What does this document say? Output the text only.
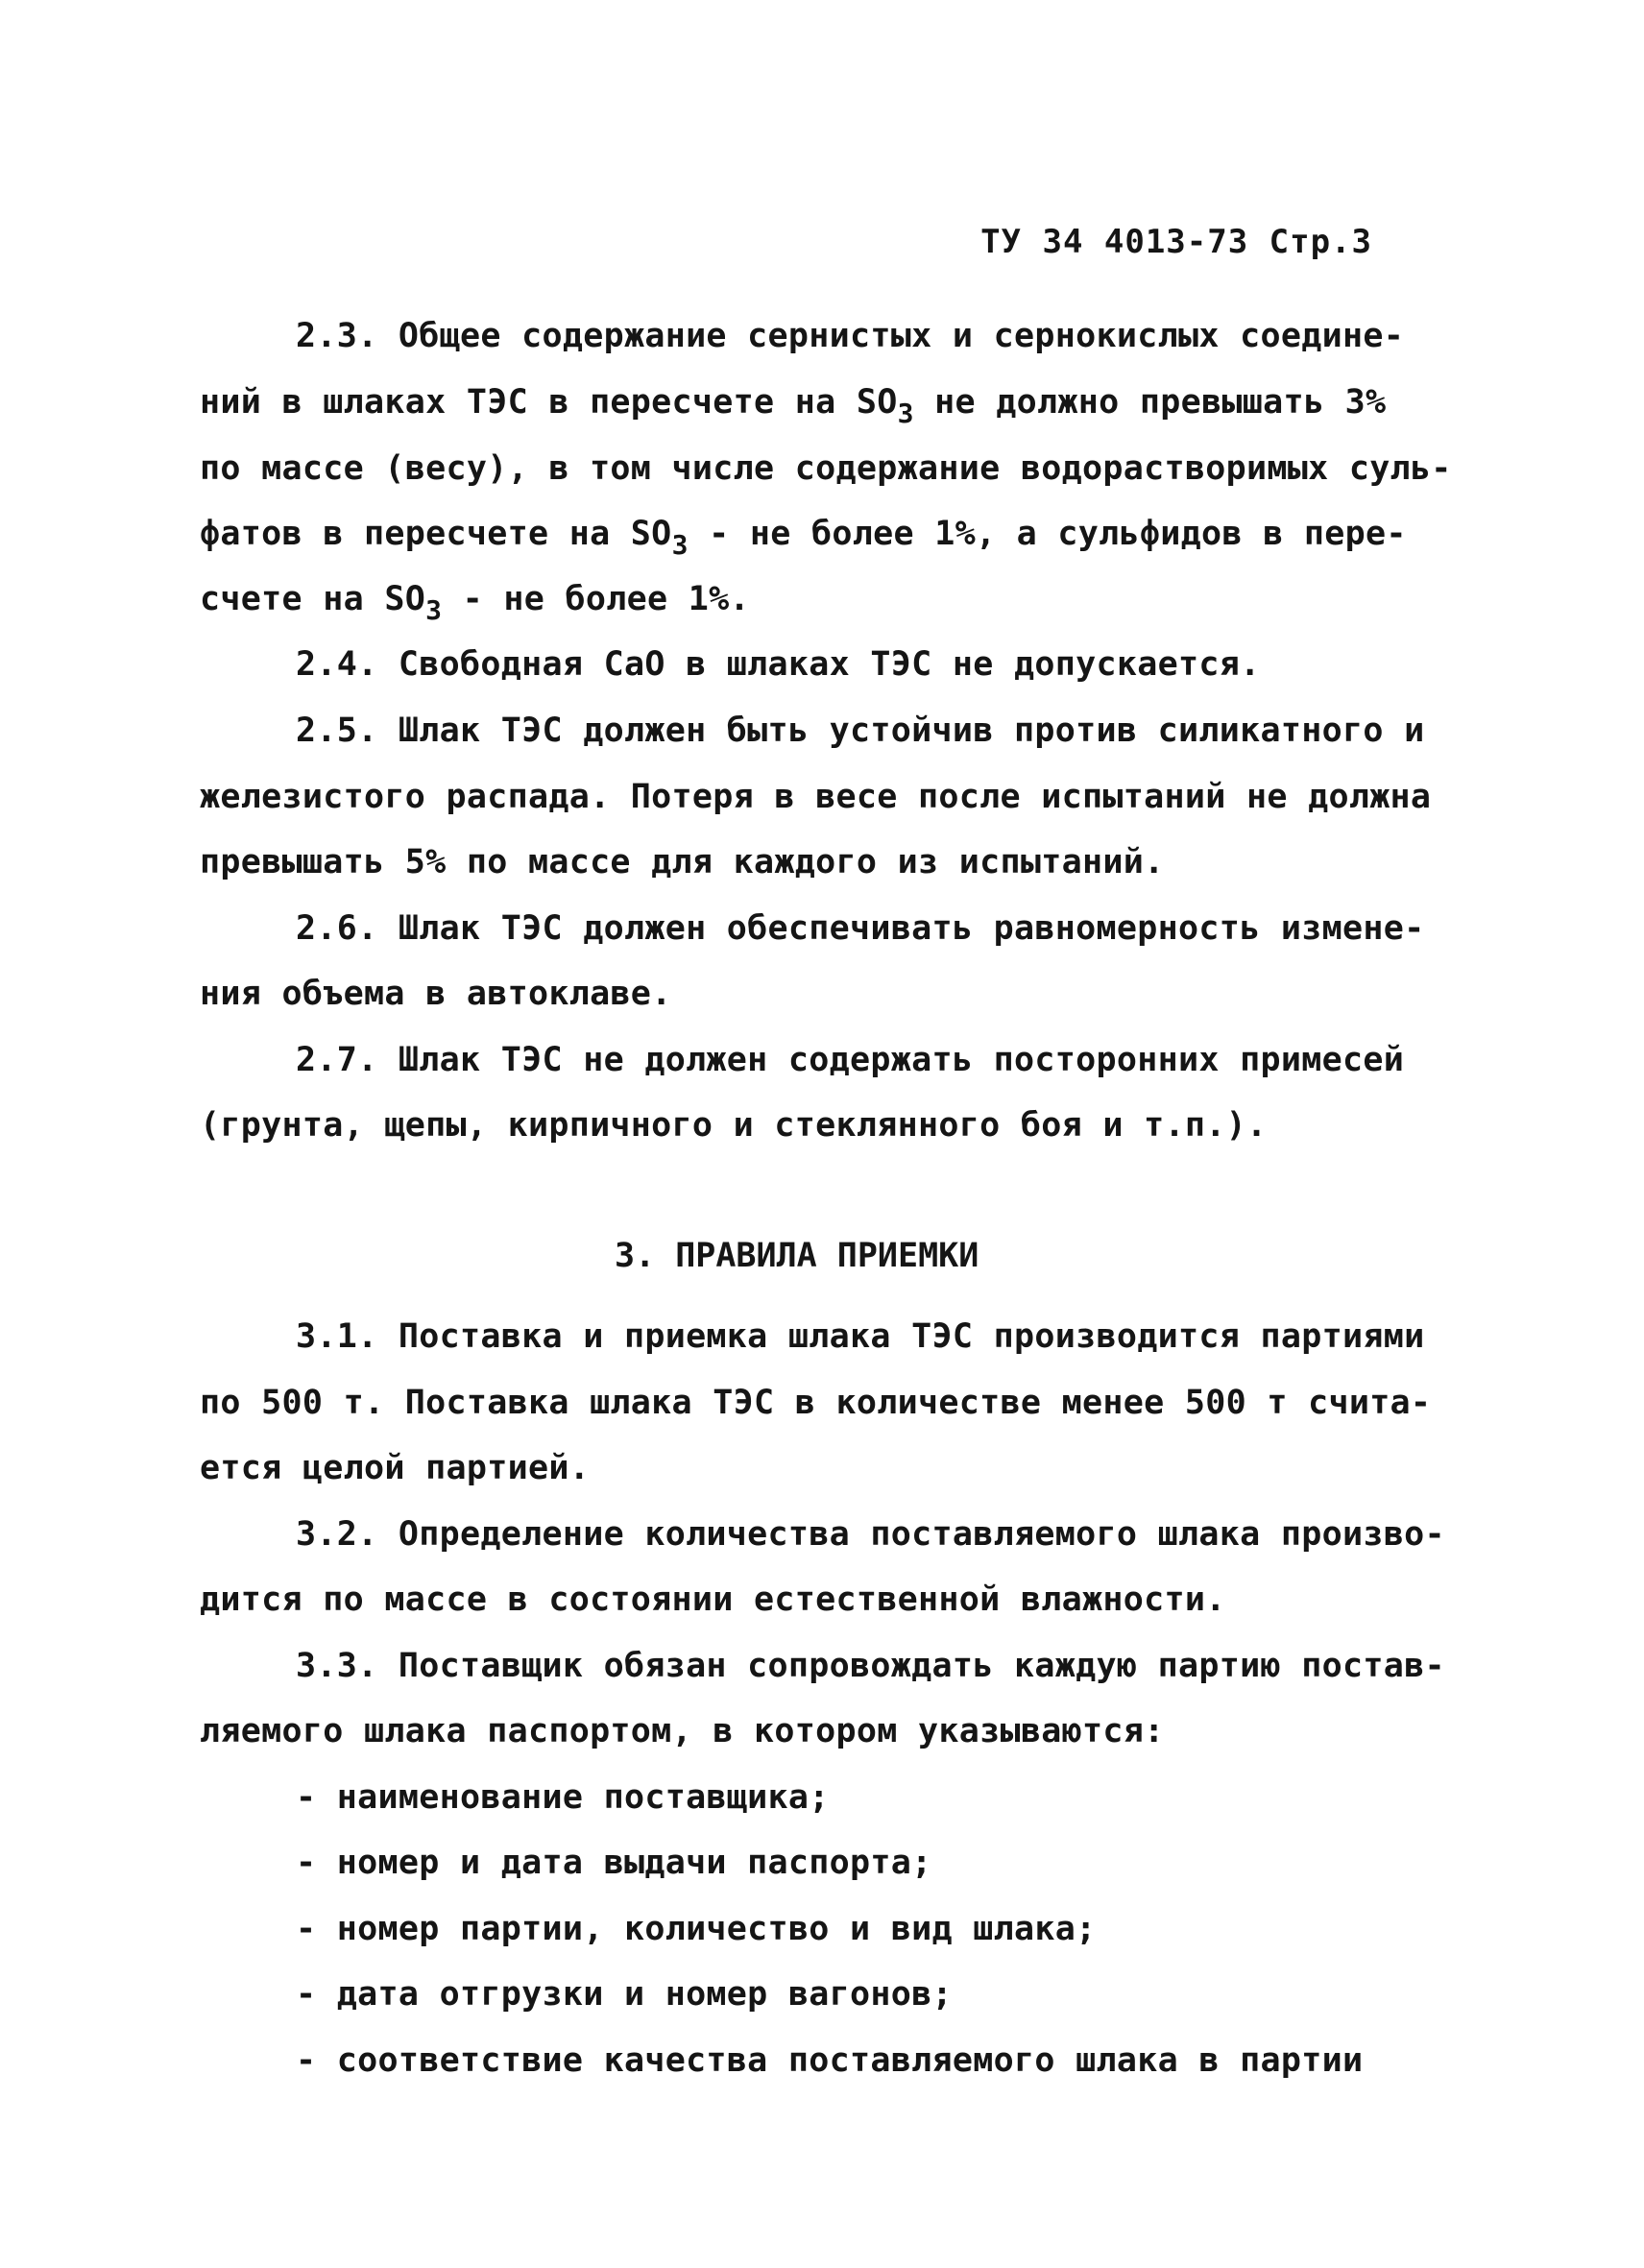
ТУ 34 4013-73 Стр.3
2.3. Общее содержание сернистых и сернокислых соедине-
ний в шлаках ТЭС в пересчете на $SO_3$ не должно превышать 3%
по массе (весу), в том числе содержание водорастворимых суль-
фатов в пересчете на $SO_3$ - не более 1%, а сульфидов в пере-
счете на $SO_3$ - не более 1%.
2.4. Свободная CaO в шлаках ТЭС не допускается.
2.5. Шлак ТЭС должен быть устойчив против силикатного и
железистого распада. Потеря в весе после испытаний не должна
превышать 5% по массе для каждого из испытаний.
2.6. Шлак ТЭС должен обеспечивать равномерность измене-
ния объема в автоклаве.
2.7. Шлак ТЭС не должен содержать посторонних примесей
(грунта, щепы, кирпичного и стеклянного боя и т.п.).
3. ПРАВИЛА ПРИЕМКИ
3.1. Поставка и приемка шлака ТЭС производится партиями
по 500 т. Поставка шлака ТЭС в количестве менее 500 т счита-
ется целой партией.
3.2. Определение количества поставляемого шлака произво-
дится по массе в состоянии естественной влажности.
3.3. Поставщик обязан сопровождать каждую партию постав-
ляемого шлака паспортом, в котором указываются:
- наименование поставщика;
- номер и дата выдачи паспорта;
- номер партии, количество и вид шлака;
- дата отгрузки и номер вагонов;
- соответствие качества поставляемого шлака в партии
